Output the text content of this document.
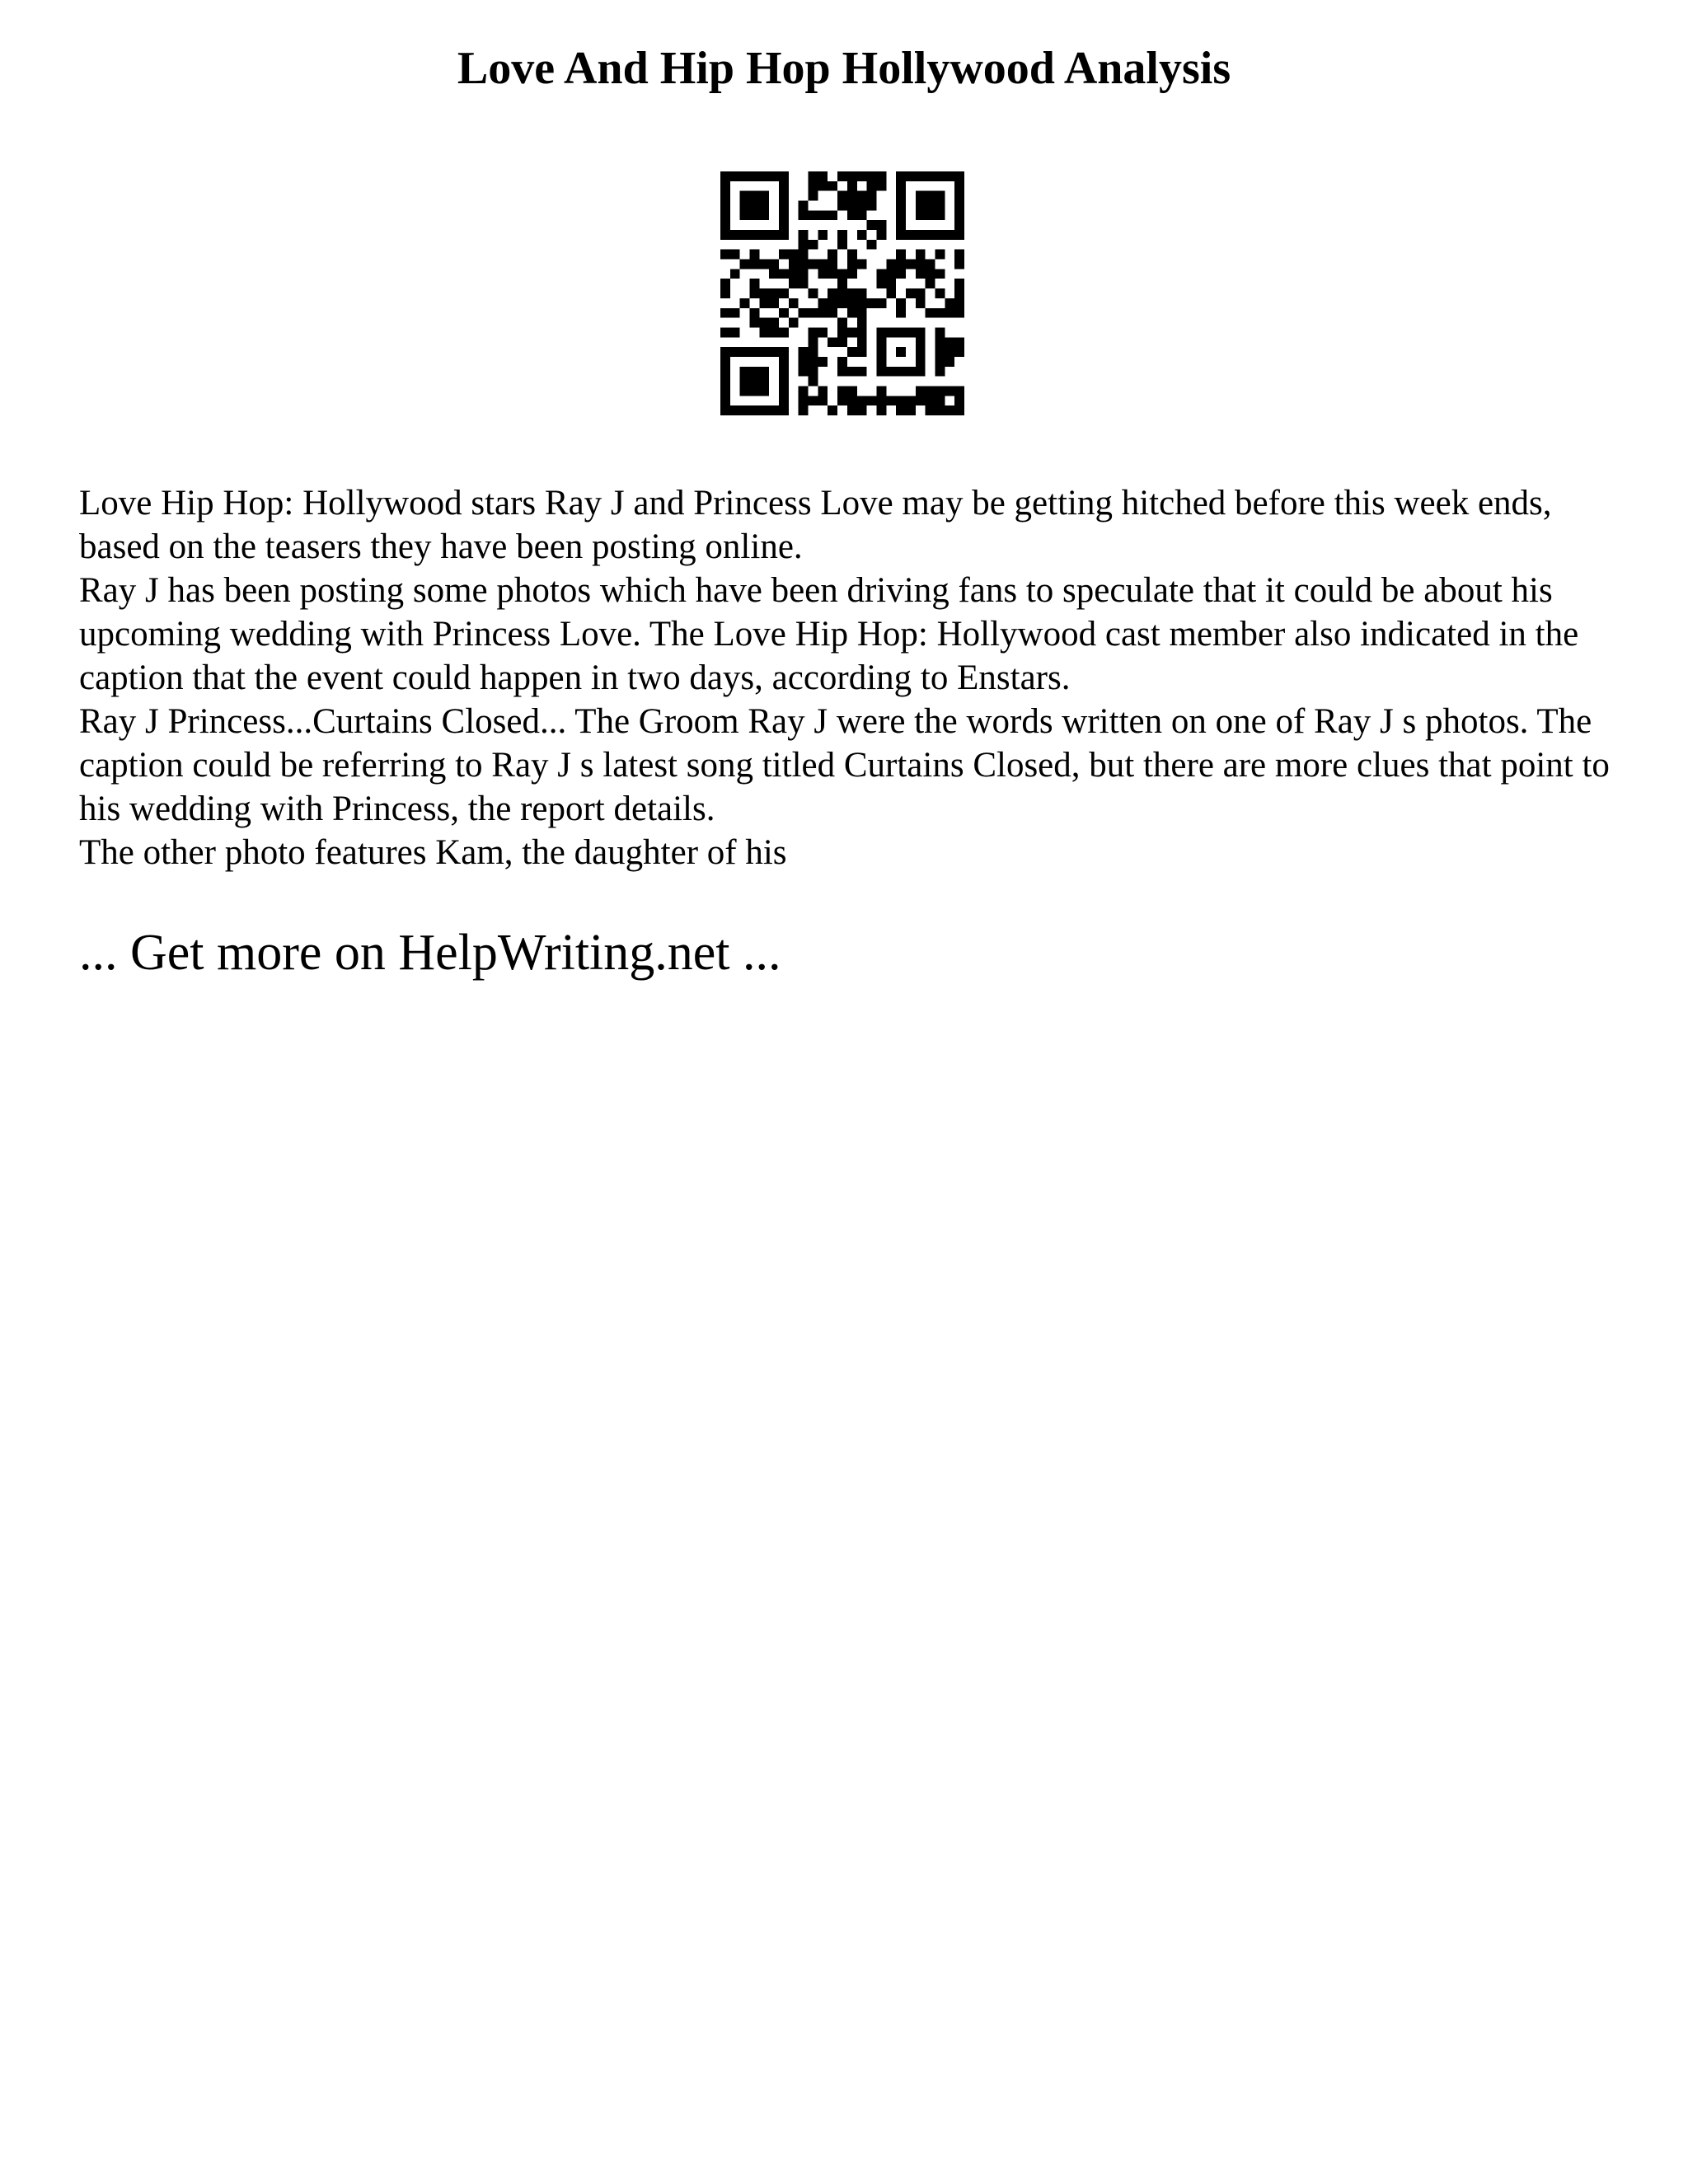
Love And Hip Hop Hollywood Analysis

Love Hip Hop: Hollywood stars Ray J and Princess Love may be getting hitched before this week ends, based on the teasers they have been posting online.

Ray J has been posting some photos which have been driving fans to speculate that it could be about his upcoming wedding with Princess Love. The Love Hip Hop: Hollywood cast member also indicated in the caption that the event could happen in two days, according to Enstars.

Ray J Princess...Curtains Closed... The Groom Ray J were the words written on one of Ray J s photos. The caption could be referring to Ray J s latest song titled Curtains Closed, but there are more clues that point to his wedding with Princess, the report details.

The other photo features Kam, the daughter of his

... Get more on HelpWriting.net ...
